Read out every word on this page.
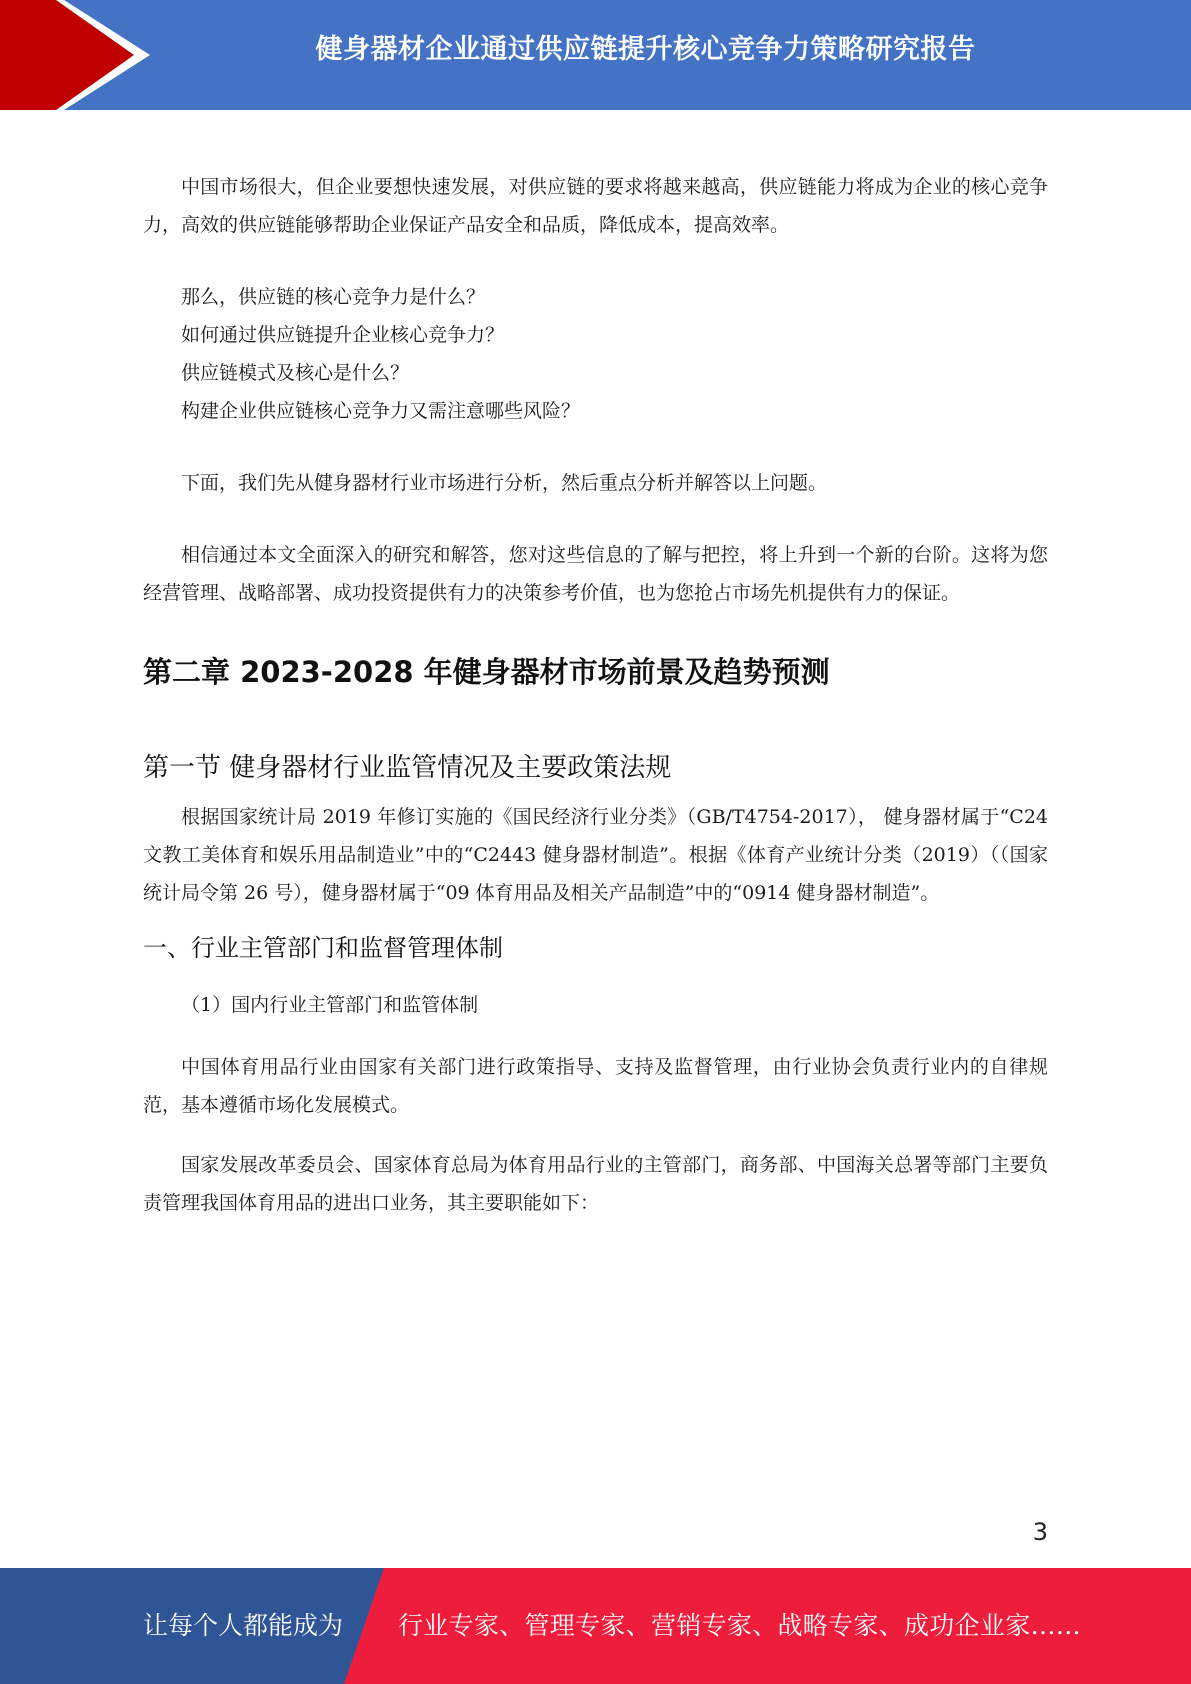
健身器材企业通过供应链提升核心竞争力策略研究报告

中国市场很大，但企业要想快速发展，对供应链的要求将越来越高，供应链能力将成为企业的核心竞争力，高效的供应链能够帮助企业保证产品安全和品质，降低成本，提高效率。

那么，供应链的核心竞争力是什么？

如何通过供应链提升企业核心竞争力？

供应链模式及核心是什么？

构建企业供应链核心竞争力又需注意哪些风险？

下面，我们先从健身器材行业市场进行分析，然后重点分析并解答以上问题。

相信通过本文全面深入的研究和解答，您对这些信息的了解与把控，将上升到一个新的台阶。这将为您经营管理、战略部署、成功投资提供有力的决策参考价值，也为您抢占市场先机提供有力的保证。

第二章 2023-2028 年健身器材市场前景及趋势预测
第一节 健身器材行业监管情况及主要政策法规

根据国家统计局 2019 年修订实施的《国民经济行业分类》（GB/T4754-2017）， 健身器材属于“C24 文教工美体育和娱乐用品制造业”中的“C2443 健身器材制造”。根据《体育产业统计分类（2019）（（国家统计局令第 26 号），健身器材属于“09 体育用品及相关产品制造”中的“0914 健身器材制造”。

一、行业主管部门和监督管理体制

（1）国内行业主管部门和监管体制

中国体育用品行业由国家有关部门进行政策指导、支持及监督管理，由行业协会负责行业内的自律规范，基本遵循市场化发展模式。

国家发展改革委员会、国家体育总局为体育用品行业的主管部门，商务部、中国海关总署等部门主要负责管理我国体育用品的进出口业务，其主要职能如下：

3
让每个人都能成为 行业专家、管理专家、营销专家、战略专家、成功企业家……
